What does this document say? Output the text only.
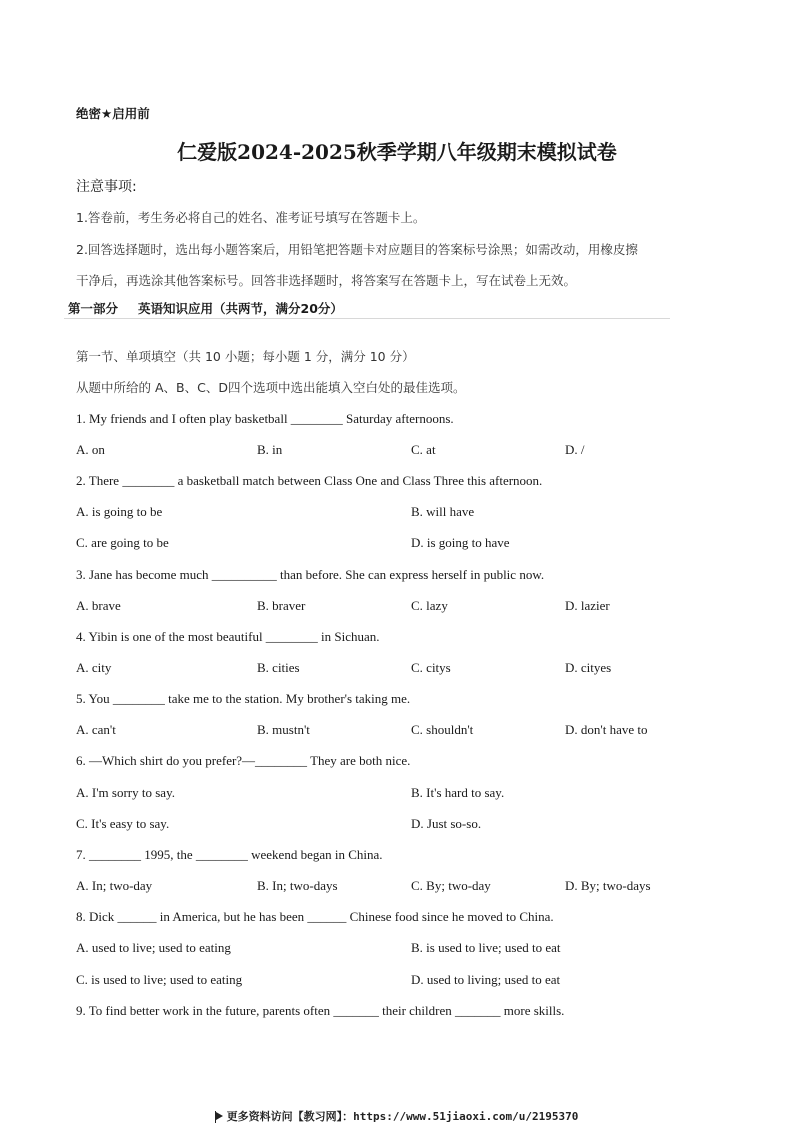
绝密★启用前
仁爱版2024-2025秋季学期八年级期末模拟试卷
注意事项:
1.答卷前，考生务必将自己的姓名、准考证号填写在答题卡上。
2.回答选择题时，选出每小题答案后，用铅笔把答题卡对应题目的答案标号涂黑；如需改动，用橡皮擦
干净后，再选涂其他答案标号。回答非选择题时，将答案写在答题卡上，写在试卷上无效。
第一部分 英语知识应用（共两节，满分20分）
第一节、单项填空（共 10 小题；每小题 1 分，满分 10 分）
从题中所给的 A、B、C、D四个选项中选出能填入空白处的最佳选项。
1. My friends and I often play basketball ________ Saturday afternoons.
A. on	B. in	C. at	D. /
2. There ________ a basketball match between Class One and Class Three this afternoon.
A. is going to be	B. will have
C. are going to be	D. is going to have
3. Jane has become much __________ than before. She can express herself in public now.
A. brave	B. braver	C. lazy	D. lazier
4. Yibin is one of the most beautiful ________ in Sichuan.
A. city	B. cities	C. citys	D. cityes
5. You ________ take me to the station. My brother's taking me.
A. can't	B. mustn't	C. shouldn't	D. don't have to
6. —Which shirt do you prefer?—________ They are both nice.
A. I'm sorry to say.	B. It's hard to say.
C. It's easy to say.	D. Just so-so.
7. ________ 1995, the ________ weekend began in China.
A. In; two-day	B. In; two-days	C. By; two-day	D. By; two-days
8. Dick ______ in America, but he has been ______ Chinese food since he moved to China.
A. used to live; used to eating	B. is used to live; used to eat
C. is used to live; used to eating	D. used to living; used to eat
9. To find better work in the future, parents often _______ their children _______ more skills.
更多资料访问【教习网】：https://www.51jiaoxi.com/u/2195370
